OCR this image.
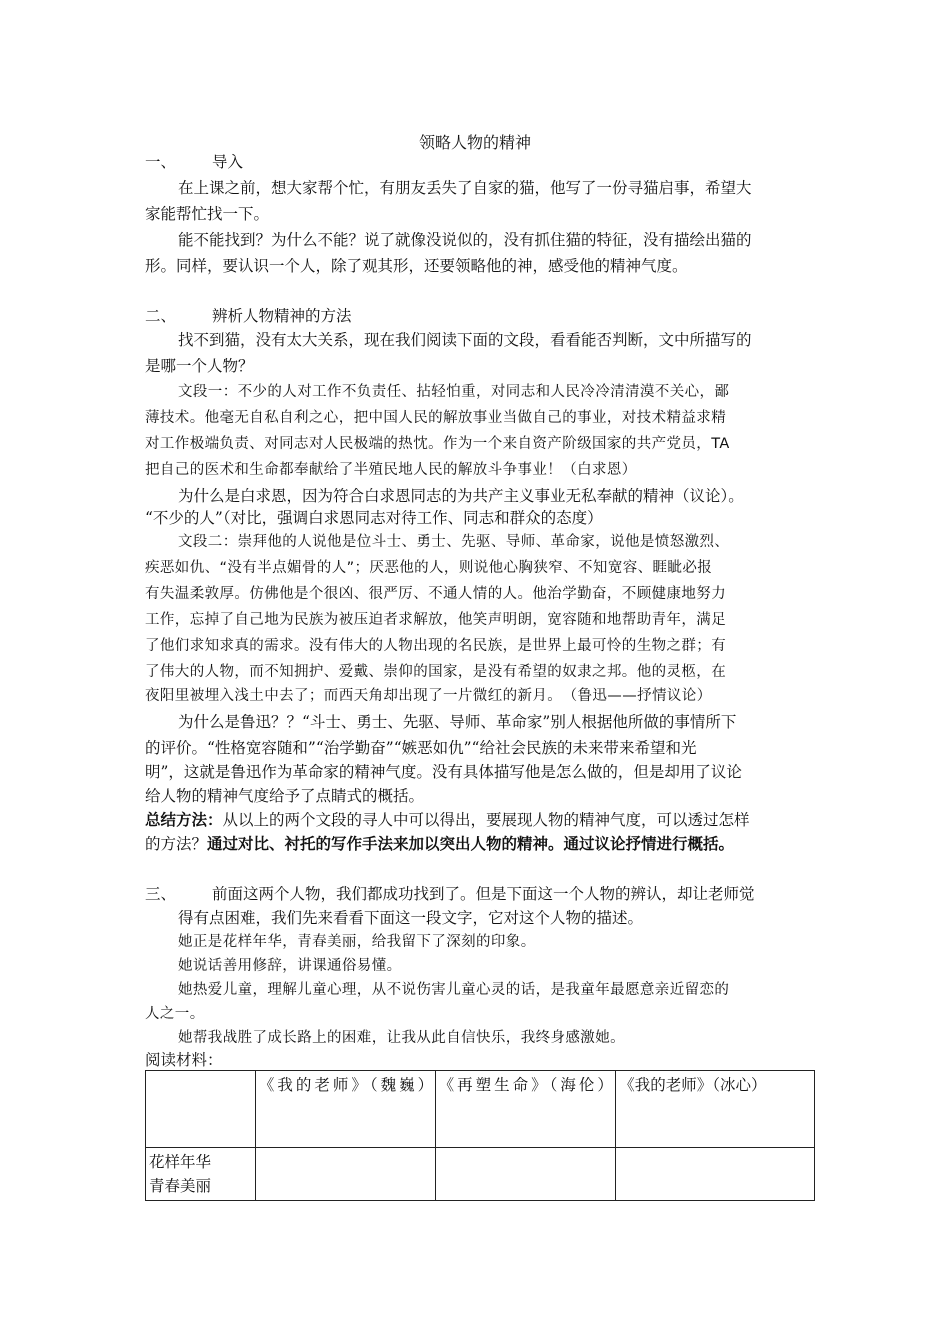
领略人物的精神
一、 导入
在上课之前，想大家帮个忙，有朋友丢失了自家的猫，他写了一份寻猫启事，希望大
家能帮忙找一下。
能不能找到？为什么不能？说了就像没说似的，没有抓住猫的特征，没有描绘出猫的
形。同样，要认识一个人，除了观其形，还要领略他的神，感受他的精神气度。
二、 辨析人物精神的方法
找不到猫，没有太大关系，现在我们阅读下面的文段，看看能否判断，文中所描写的
是哪一个人物？
文段一：不少的人对工作不负责任、拈轻怕重，对同志和人民冷冷清清漠不关心，鄙
薄技术。他毫无自私自利之心，把中国人民的解放事业当做自己的事业，对技术精益求精
对工作极端负责、对同志对人民极端的热忱。作为一个来自资产阶级国家的共产党员，TA
把自己的医术和生命都奉献给了半殖民地人民的解放斗争事业！（白求恩）
为什么是白求恩，因为符合白求恩同志的为共产主义事业无私奉献的精神（议论）。
“不少的人”（对比，强调白求恩同志对待工作、同志和群众的态度）
文段二：崇拜他的人说他是位斗士、勇士、先驱、导师、革命家，说他是愤怒激烈、
疾恶如仇、“没有半点媚骨的人”；厌恶他的人，则说他心胸狭窄、不知宽容、睚眦必报
有失温柔敦厚。仿佛他是个很凶、很严厉、不通人情的人。他治学勤奋，不顾健康地努力
工作，忘掉了自己地为民族为被压迫者求解放，他笑声明朗，宽容随和地帮助青年，满足
了他们求知求真的需求。没有伟大的人物出现的名民族，是世界上最可怜的生物之群；有
了伟大的人物，而不知拥护、爱戴、崇仰的国家，是没有希望的奴隶之邦。他的灵柩，在
夜阳里被埋入浅土中去了；而西天角却出现了一片微红的新月。　（鲁迅——抒情议论）
为什么是鲁迅？？“斗士、勇士、先驱、导师、革命家”别人根据他所做的事情所下
的评价。“性格宽容随和”“治学勤奋”“嫉恶如仇”“给社会民族的未来带来希望和光
明”，这就是鲁迅作为革命家的精神气度。没有具体描写他是怎么做的，但是却用了议论
给人物的精神气度给予了点睛式的概括。
总结方法：从以上的两个文段的寻人中可以得出，要展现人物的精神气度，可以透过怎样
的方法？通过对比、衬托的写作手法来加以突出人物的精神。通过议论抒情进行概括。
三、 前面这两个人物，我们都成功找到了。但是下面这一个人物的辨认，却让老师觉
得有点困难，我们先来看看下面这一段文字，它对这个人物的描述。
她正是花样年华，青春美丽，给我留下了深刻的印象。
她说话善用修辞，讲课通俗易懂。
她热爱儿童，理解儿童心理，从不说伤害儿童心灵的话，是我童年最愿意亲近留恋的
人之一。
她帮我战胜了成长路上的困难，让我从此自信快乐，我终身感激她。
阅读材料：
	《我的老师》（魏巍）	《再塑生命》（海伦）	《我的老师》（冰心）

花样年华
青春美丽			
